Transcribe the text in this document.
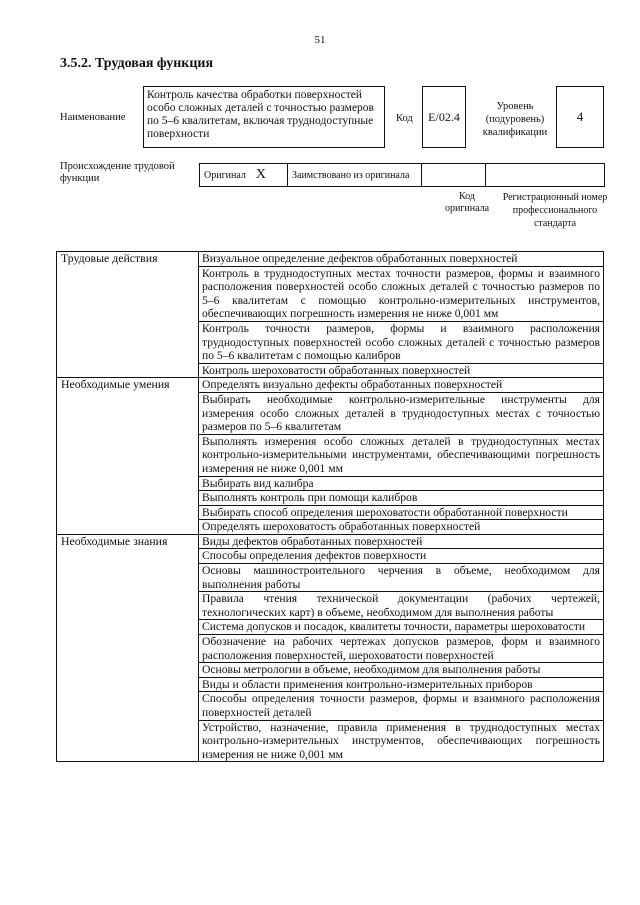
51
3.5.2. Трудовая функция
Наименование
Контроль качества обработки поверхностей особо сложных деталей с точностью размеров по 5–6 квалитетам, включая труднодоступные поверхности
Код	E/02.4
Уровень (подуровень) квалификации
4
Происхождение трудовой функции	Оригинал X	Заимствовано из оригинала
Код оригинала
Регистрационный номер профессионального стандарта
Трудовые действия	Визуальное определение дефектов обработанных поверхностей
	Контроль в труднодоступных местах точности размеров, формы и взаимного расположения поверхностей особо сложных деталей с точностью размеров по 5–6 квалитетам с помощью контрольно-измерительных инструментов, обеспечивающих погрешность измерения не ниже 0,001 мм
	Контроль точности размеров, формы и взаимного расположения труднодоступных поверхностей особо сложных деталей с точностью размеров по 5–6 квалитетам с помощью калибров
	Контроль шероховатости обработанных поверхностей
Необходимые умения	Определять визуально дефекты обработанных поверхностей
	Выбирать необходимые контрольно-измерительные инструменты для измерения особо сложных деталей в труднодоступных местах с точностью размеров по 5–6 квалитетам
	Выполнять измерения особо сложных деталей в труднодоступных местах контрольно-измерительными инструментами, обеспечивающими погрешность измерения не ниже 0,001 мм
	Выбирать вид калибра
	Выполнять контроль при помощи калибров
	Выбирать способ определения шероховатости обработанной поверхности
	Определять шероховатость обработанных поверхностей
Необходимые знания	Виды дефектов обработанных поверхностей
	Способы определения дефектов поверхности
	Основы машиностроительного черчения в объеме, необходимом для выполнения работы
	Правила чтения технической документации (рабочих чертежей, технологических карт) в объеме, необходимом для выполнения работы
	Система допусков и посадок, квалитеты точности, параметры шероховатости
	Обозначение на рабочих чертежах допусков размеров, форм и взаимного расположения поверхностей, шероховатости поверхностей
	Основы метрологии в объеме, необходимом для выполнения работы
	Виды и области применения контрольно-измерительных приборов
	Способы определения точности размеров, формы и взаимного расположения поверхностей деталей
	Устройство, назначение, правила применения в труднодоступных местах контрольно-измерительных инструментов, обеспечивающих погрешность измерения не ниже 0,001 мм
